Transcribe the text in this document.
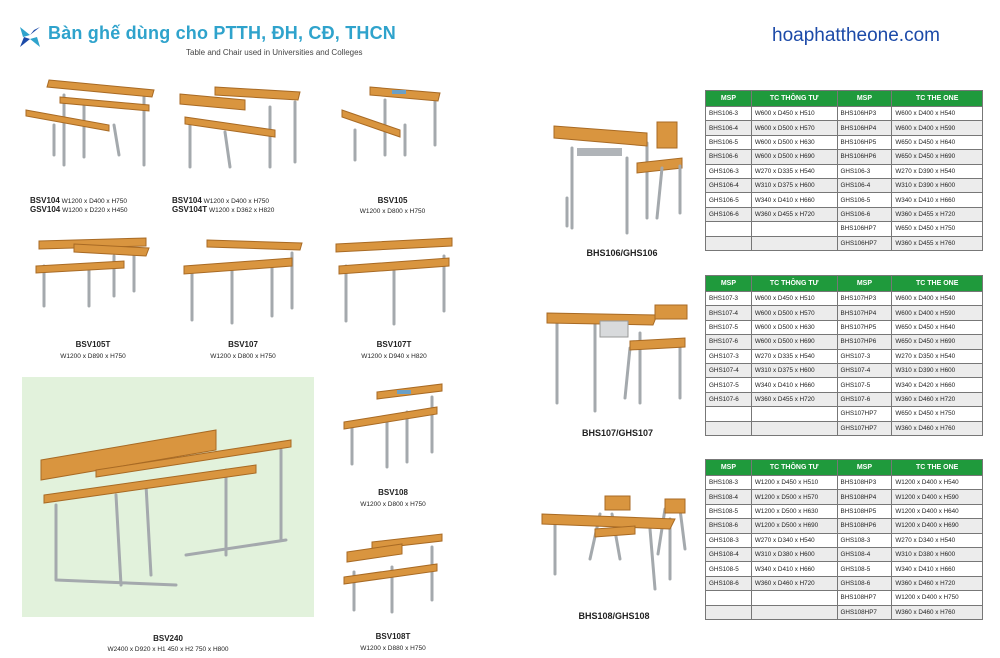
Bàn ghế dùng cho PTTH, ĐH, CĐ, THCN
Table and Chair used in Universities and Colleges
hoaphattheone.com
BSV104 W1200 x D400 x H750
GSV104 W1200 x D220 x H450
BSV104 W1200 x D400 x H750
GSV104T W1200 x D362 x H820
BSV105
W1200 x D800 x H750
BSV105T
W1200 x D890 x H750
BSV107
W1200 x D800 x H750
BSV107T
W1200 x D940 x H820
BSV240
W2400 x D920 x H1 450 x H2 750 x H800
BSV108
W1200 x D800 x H750
BSV108T
W1200 x D880 x H750
BHS106/GHS106
BHS107/GHS107
BHS108/GHS108
MSP	TC THÔNG TƯ	MSP	TC THE ONE
BHS106-3	W600 x D450 x H510	BHS106HP3	W600 x D400 x H540
BHS106-4	W600 x D500 x H570	BHS106HP4	W600 x D400 x H590
BHS106-5	W600 x D500 x H630	BHS106HP5	W650 x D450 x H640
BHS106-6	W600 x D500 x H690	BHS106HP6	W650 x D450 x H690
GHS106-3	W270 x D335 x H540	GHS106-3	W270 x D390 x H540
GHS106-4	W310 x D375 x H600	GHS106-4	W310 x D390 x H600
GHS106-5	W340 x D410 x H660	GHS106-5	W340 x D410 x H660
GHS106-6	W360 x D455 x H720	GHS106-6	W360 x D455 x H720
		BHS106HP7	W650 x D450 x H750
		GHS106HP7	W360 x D455 x H760
MSP	TC THÔNG TƯ	MSP	TC THE ONE
BHS107-3	W600 x D450 x H510	BHS107HP3	W600 x D400 x H540
BHS107-4	W600 x D500 x H570	BHS107HP4	W600 x D400 x H590
BHS107-5	W600 x D500 x H630	BHS107HP5	W650 x D450 x H640
BHS107-6	W600 x D500 x H690	BHS107HP6	W650 x D450 x H690
GHS107-3	W270 x D335 x H540	GHS107-3	W270 x D350 x H540
GHS107-4	W310 x D375 x H600	GHS107-4	W310 x D390 x H600
GHS107-5	W340 x D410 x H660	GHS107-5	W340 x D420 x H660
GHS107-6	W360 x D455 x H720	GHS107-6	W360 x D460 x H720
		GHS107HP7	W650 x D450 x H750
		GHS107HP7	W360 x D460 x H760
MSP	TC THÔNG TƯ	MSP	TC THE ONE
BHS108-3	W1200 x D450 x H510	BHS108HP3	W1200 x D400 x H540
BHS108-4	W1200 x D500 x H570	BHS108HP4	W1200 x D400 x H590
BHS108-5	W1200 x D500 x H630	BHS108HP5	W1200 x D400 x H640
BHS108-6	W1200 x D500 x H690	BHS108HP6	W1200 x D400 x H690
GHS108-3	W270 x D340 x H540	GHS108-3	W270 x D340 x H540
GHS108-4	W310 x D380 x H600	GHS108-4	W310 x D380 x H600
GHS108-5	W340 x D410 x H660	GHS108-5	W340 x D410 x H660
GHS108-6	W360 x D460 x H720	GHS108-6	W360 x D460 x H720
		BHS108HP7	W1200 x D400 x H750
		GHS108HP7	W360 x D460 x H760
